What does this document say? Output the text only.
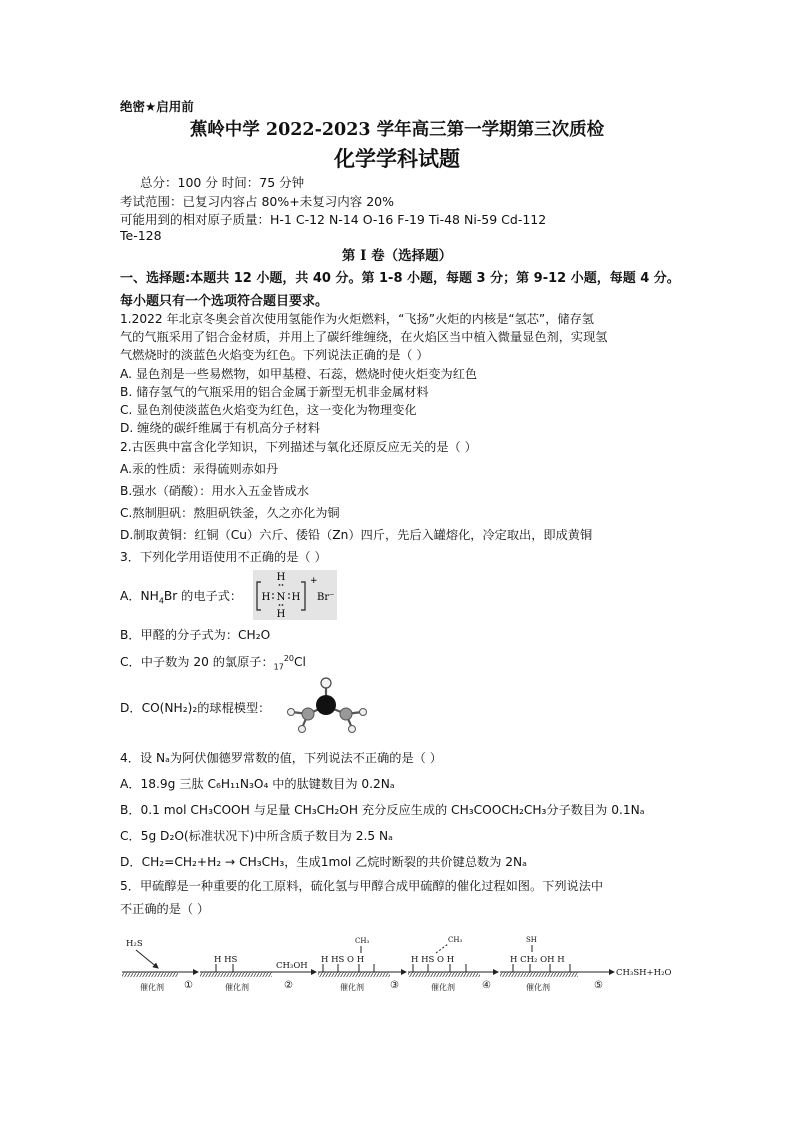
绝密★启用前
蕉岭中学 2022-2023 学年高三第一学期第三次质检
化学学科试题
总分：100 分 时间：75 分钟
考试范围：已复习内容占 80%+未复习内容 20%
可能用到的相对原子质量：H-1 C-12 N-14 O-16 F-19 Ti-48 Ni-59 Cd-112
Te-128
第 I 卷（选择题）
一、选择题:本题共 12 小题，共 40 分。第 1-8 小题，每题 3 分；第 9-12 小题，每题 4 分。
每小题只有一个选项符合题目要求。
1.2022 年北京冬奥会首次使用氢能作为火炬燃料，“飞扬”火炬的内核是“氢芯”，储存氢
气的气瓶采用了铝合金材质，并用上了碳纤维缠绕，在火焰区当中植入微量显色剂，实现氢
气燃烧时的淡蓝色火焰变为红色。下列说法正确的是（ ）
A. 显色剂是一些易燃物，如甲基橙、石蕊，燃烧时使火炬变为红色
B. 储存氢气的气瓶采用的铝合金属于新型无机非金属材料
C. 显色剂使淡蓝色火焰变为红色，这一变化为物理变化
D. 缠绕的碳纤维属于有机高分子材料
2.古医典中富含化学知识，下列描述与氧化还原反应无关的是（ ）
A.汞的性质：汞得硫则赤如丹
B.强水（硝酸）：用水入五金皆成水
C.熬制胆矾：熬胆矾铁釜，久之亦化为铜
D.制取黄铜：红铜（Cu）六斤、倭铅（Zn）四斤，先后入罐熔化，冷定取出，即成黄铜
3．下列化学用语使用不正确的是（ ）
A．$NH_4Br$ 的电子式：
H
H N H
H
+
Br⁻
B．甲醛的分子式为：CH₂O
C．中子数为 20 的氯原子：$_{17}^{20}$Cl
D．CO(NH₂)₂的球棍模型：
4．设 Nₐ为阿伏伽德罗常数的值，下列说法不正确的是（ ）
A．18.9g 三肽 C₆H₁₁N₃O₄ 中的肽键数目为 0.2Nₐ
B．0.1 mol CH₃COOH 与足量 CH₃CH₂OH 充分反应生成的 CH₃COOCH₂CH₃分子数目为 0.1Nₐ
C．5g D₂O(标准状况下)中所含质子数目为 2.5 Nₐ
D．CH₂=CH₂+H₂ → CH₃CH₃，生成1mol 乙烷时断裂的共价键总数为 2Nₐ
5．甲硫醇是一种重要的化工原料，硫化氢与甲醇合成甲硫醇的催化过程如图。下列说法中
不正确的是（ ）
H₂S
H HS
CH₃OH
CH₃
H HS O H
CH₃
H HS O H
SH
H CH₂ OH H
CH₃SH+H₂O
催化剂	催化剂	催化剂	催化剂	催化剂
①	②	③	④	⑤
